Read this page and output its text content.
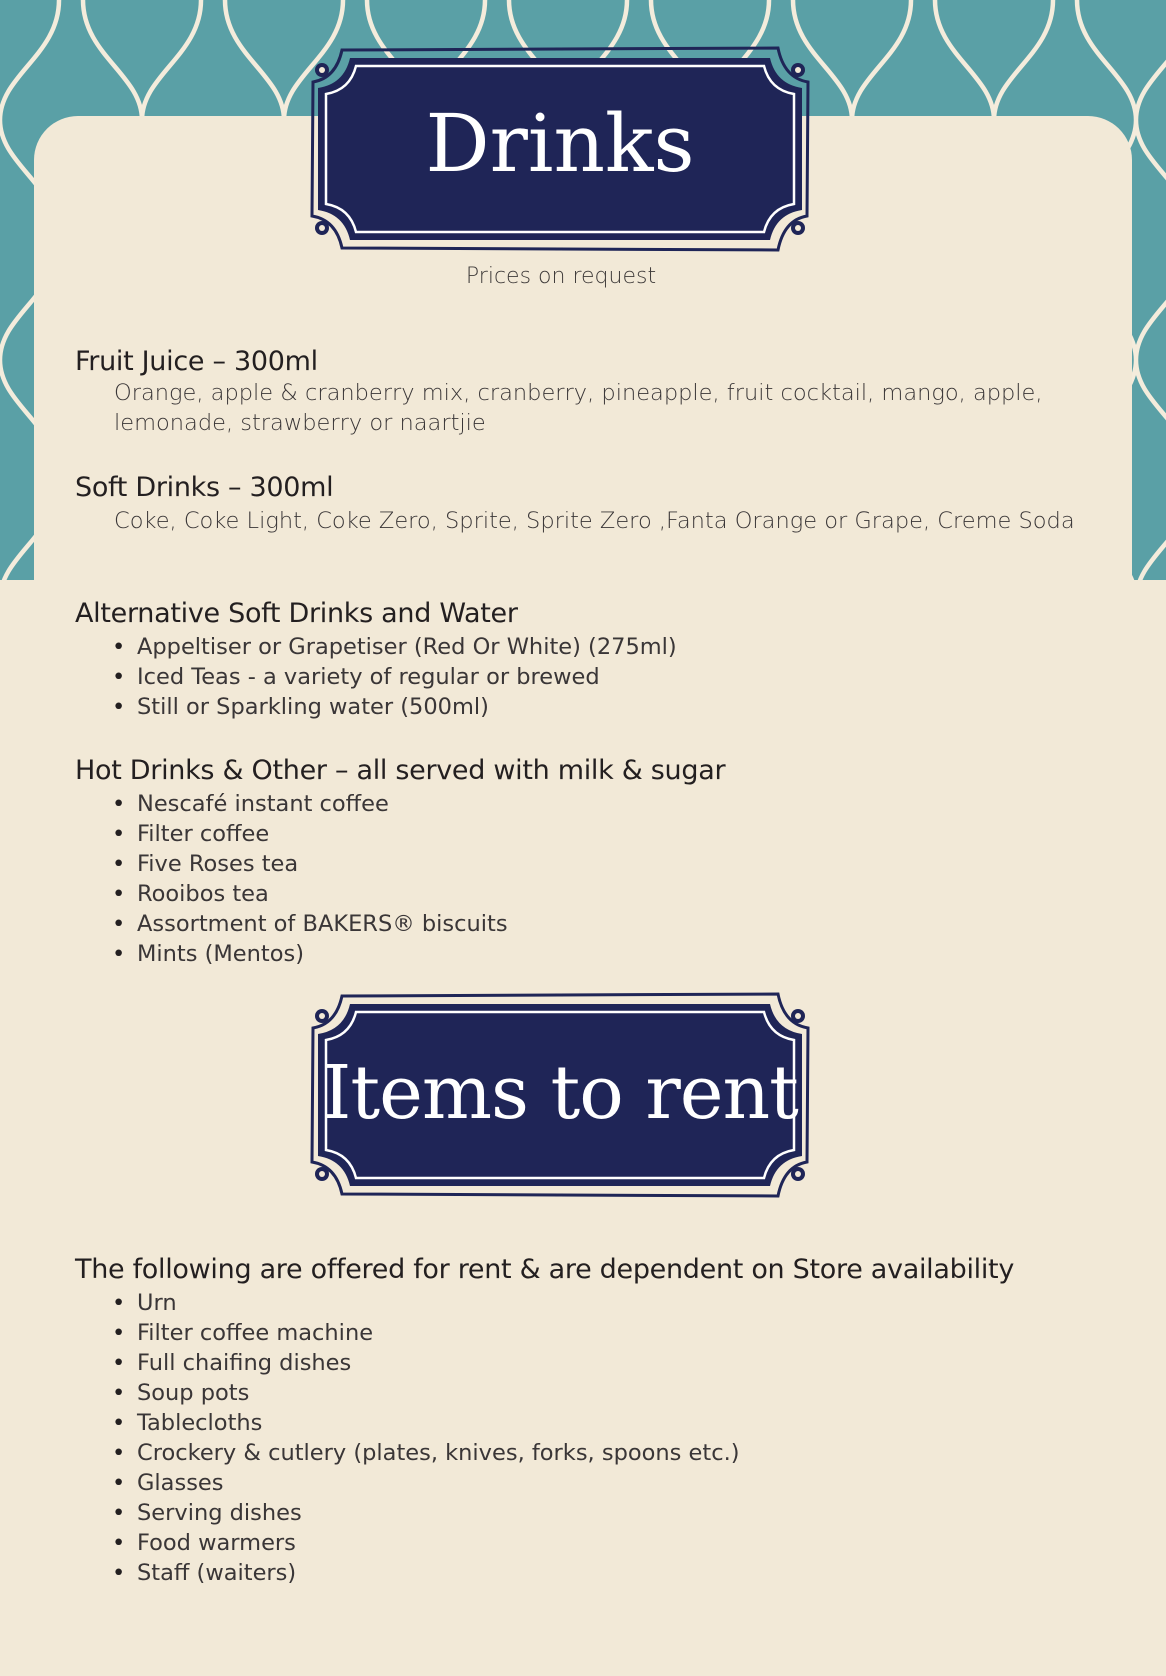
Drinks
Prices on request
Fruit Juice – 300ml

Orange, apple & cranberry mix, cranberry, pineapple, fruit cocktail, mango, apple, lemonade, strawberry or naartjie

Soft Drinks – 300ml

Coke, Coke Light, Coke Zero, Sprite, Sprite Zero ,Fanta Orange or Grape, Creme Soda

Alternative Soft Drinks and Water
• Appeltiser or Grapetiser (Red Or White) (275ml)
• Iced Teas - a variety of regular or brewed
• Still or Sparkling water (500ml)
Hot Drinks & Other – all served with milk & sugar
• Nescafé instant coffee
• Filter coffee
• Five Roses tea
• Rooibos tea
• Assortment of BAKERS® biscuits
• Mints (Mentos)
Items to rent
The following are offered for rent & are dependent on Store availability
• Urn
• Filter coffee machine
• Full chaifing dishes
• Soup pots
• Tablecloths
• Crockery & cutlery (plates, knives, forks, spoons etc.)
• Glasses
• Serving dishes
• Food warmers
• Staff (waiters)
